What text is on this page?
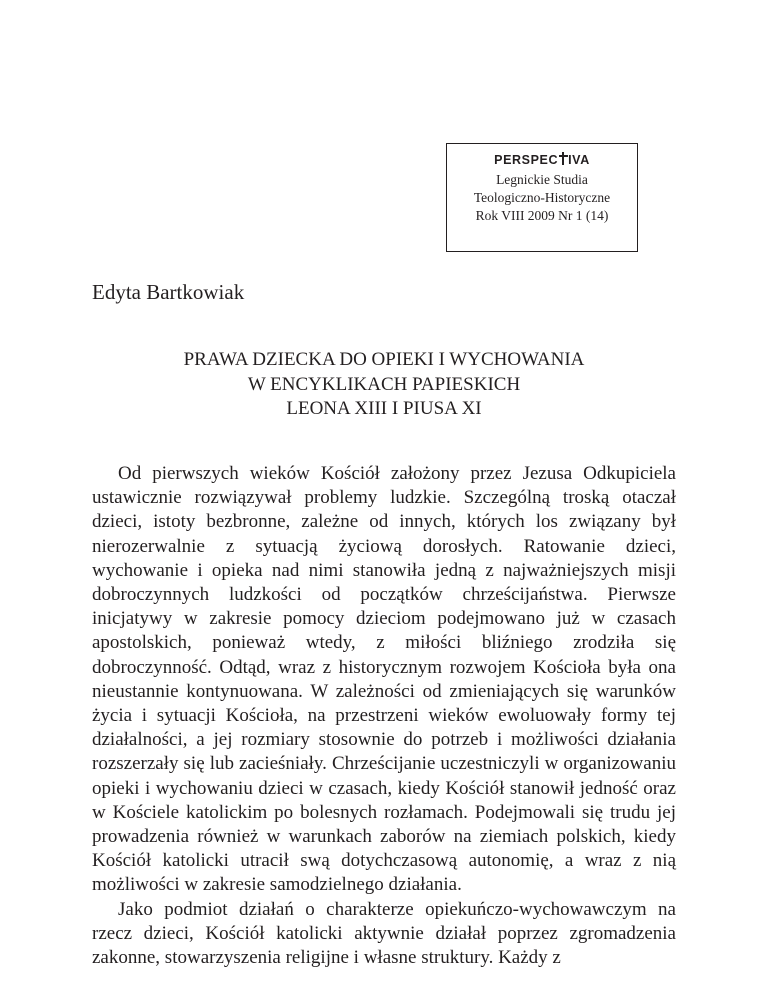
PERSPEC IVA
Legnickie Studia
Teologiczno-Historyczne
Rok VIII 2009 Nr 1 (14)
Edyta Bartkowiak
PRAWA DZIECKA DO OPIEKI I WYCHOWANIA
W ENCYKLIKACH PAPIESKICH
LEONA XIII I PIUSA XI

Od pierwszych wieków Kościół założony przez Jezusa Odkupiciela ustawicznie rozwiązywał problemy ludzkie. Szczególną troską otaczał dzieci, istoty bezbronne, zależne od innych, których los związany był nierozerwalnie z sytuacją życiową dorosłych. Ratowanie dzieci, wychowanie i opieka nad nimi stanowiła jedną z najważniejszych misji dobroczynnych ludzkości od początków chrześcijaństwa. Pierwsze inicjatywy w zakresie pomocy dzieciom podejmowano już w czasach apostolskich, ponieważ wtedy, z miłości bliźniego zrodziła się dobroczynność. Odtąd, wraz z historycznym rozwojem Kościoła była ona nieustannie kontynuowana. W zależności od zmieniających się warunków życia i sytuacji Kościoła, na przestrzeni wieków ewoluowały formy tej działalności, a jej rozmiary stosownie do potrzeb i możliwości działania rozszerzały się lub zacieśniały. Chrześcijanie uczestniczyli w organizowaniu opieki i wychowaniu dzieci w czasach, kiedy Kościół stanowił jedność oraz w Kościele katolickim po bolesnych rozłamach. Podejmowali się trudu jej prowadzenia również w warunkach zaborów na ziemiach polskich, kiedy Kościół katolicki utracił swą dotychczasową autonomię, a wraz z nią możliwości w zakresie samodzielnego działania.

Jako podmiot działań o charakterze opiekuńczo-wychowawczym na rzecz dzieci, Kościół katolicki aktywnie działał poprzez zgromadzenia zakonne, stowarzyszenia religijne i własne struktury. Każdy z
